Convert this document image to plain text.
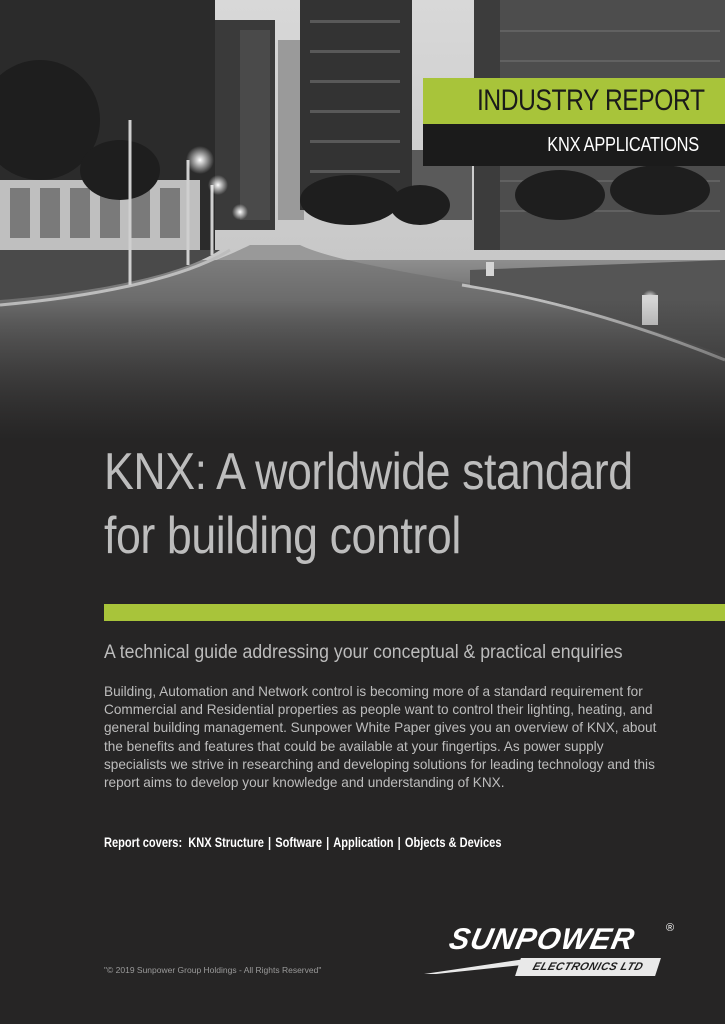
INDUSTRY REPORT
KNX APPLICATIONS
KNX: A worldwide standard
for building control
A technical guide addressing your conceptual & practical enquiries

Building, Automation and Network control is becoming more of a standard requirement for Commercial and Residential properties as people want to control their lighting, heating, and general building management. Sunpower White Paper gives you an overview of KNX, about the benefits and features that could be available at your fingertips. As power supply specialists we strive in researching and developing solutions for leading technology and this report aims to develop your knowledge and understanding of KNX.

Report covers: KNX Structure | Software | Application | Objects & Devices
"© 2019 Sunpower Group Holdings - All Rights Reserved"
SUNPOWER
ELECTRONICS LTD
®
